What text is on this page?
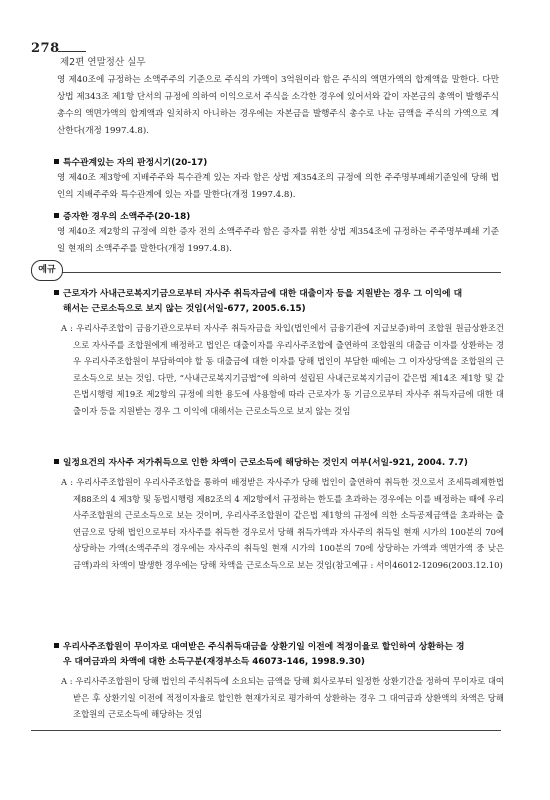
278
제2편 연말정산 실무
영 제40조에 규정하는 소액주주의 기준으로 주식의 가액이 3억원이라 함은 주식의 액면가액의 합계액을 말한다. 다만 상법 제343조 제1항 단서의 규정에 의하여 이익으로서 주식을 소각한 경우에 있어서와 같이 자본금의 총액이 발행주식 총수의 액면가액의 합계액과 일치하지 아니하는 경우에는 자본금을 발행주식 총수로 나눈 금액을 주식의 가액으로 계산한다(개정 1997.4.8).
특수관계있는 자의 판정시기(20-17)
영 제40조 제3항에 지배주주와 특수관계 있는 자라 함은 상법 제354조의 규정에 의한 주주명부폐쇄기준일에 당해 법인의 지배주주와 특수관계에 있는 자를 말한다(개정 1997.4.8).
증자한 경우의 소액주주(20-18)
영 제40조 제2항의 규정에 의한 증자 전의 소액주주라 함은 증자를 위한 상법 제354조에 규정하는 주주명부폐쇄 기준일 현재의 소액주주를 말한다(개정 1997.4.8).
예규
근로자가 사내근로복지기금으로부터 자사주 취득자금에 대한 대출이자 등을 지원받는 경우 그 이익에 대
해서는 근로소득으로 보지 않는 것임(서일-677, 2005.6.15)
A : 우리사주조합이 금융기관으로부터 자사주 취득자금을 차입(법인에서 금융기관에 지급보증)하여 조합원 원금상환조건으로 자사주를 조합원에게 배정하고 법인은 대출이자를 우리사주조합에 출연하여 조합원의 대출금 이자를 상환하는 경우 우리사주조합원이 부담하여야 할 동 대출금에 대한 이자를 당해 법인이 부담한 때에는 그 이자상당액을 조합원의 근로소득으로 보는 것임. 다만, “사내근로복지기금법”에 의하여 설립된 사내근로복지기금이 같은법 제14조 제1항 및 같은법시행령 제19조 제2항의 규정에 의한 용도에 사용함에 따라 근로자가 동 기금으로부터 자사주 취득자금에 대한 대출이자 등을 지원받는 경우 그 이익에 대해서는 근로소득으로 보지 않는 것임
일정요건의 자사주 저가취득으로 인한 차액이 근로소득에 해당하는 것인지 여부(서일-921, 2004. 7.7)
A : 우리사주조합원이 우리사주조합을 통하여 배정받은 자사주가 당해 법인이 출연하여 취득한 것으로서 조세특례제한법 제88조의 4 제3항 및 동법시행령 제82조의 4 제2항에서 규정하는 한도를 초과하는 경우에는 이를 배정하는 때에 우리사주조합원의 근로소득으로 보는 것이며, 우리사주조합원이 같은법 제1항의 규정에 의한 소득공제금액을 초과하는 출연금으로 당해 법인으로부터 자사주를 취득한 경우로서 당해 취득가액과 자사주의 취득일 현재 시가의 100분의 70에 상당하는 가액(소액주주의 경우에는 자사주의 취득일 현재 시가의 100분의 70에 상당하는 가액과 액면가액 중 낮은 금액)과의 차액이 발생한 경우에는 당해 차액을 근로소득으로 보는 것임(참고예규 : 서이46012-12096(2003.12.10)
우리사주조합원이 무이자로 대여받은 주식취득대금을 상환기일 이전에 적정이율로 할인하여 상환하는 경
우 대여금과의 차액에 대한 소득구분(재경부소득 46073-146, 1998.9.30)
A : 우리사주조합원이 당해 법인의 주식취득에 소요되는 금액을 당해 회사로부터 일정한 상환기간을 정하여 무이자로 대여받은 후 상환기일 이전에 적정이자율로 할인한 현재가치로 평가하여 상환하는 경우 그 대여금과 상환액의 차액은 당해 조합원의 근로소득에 해당하는 것임
